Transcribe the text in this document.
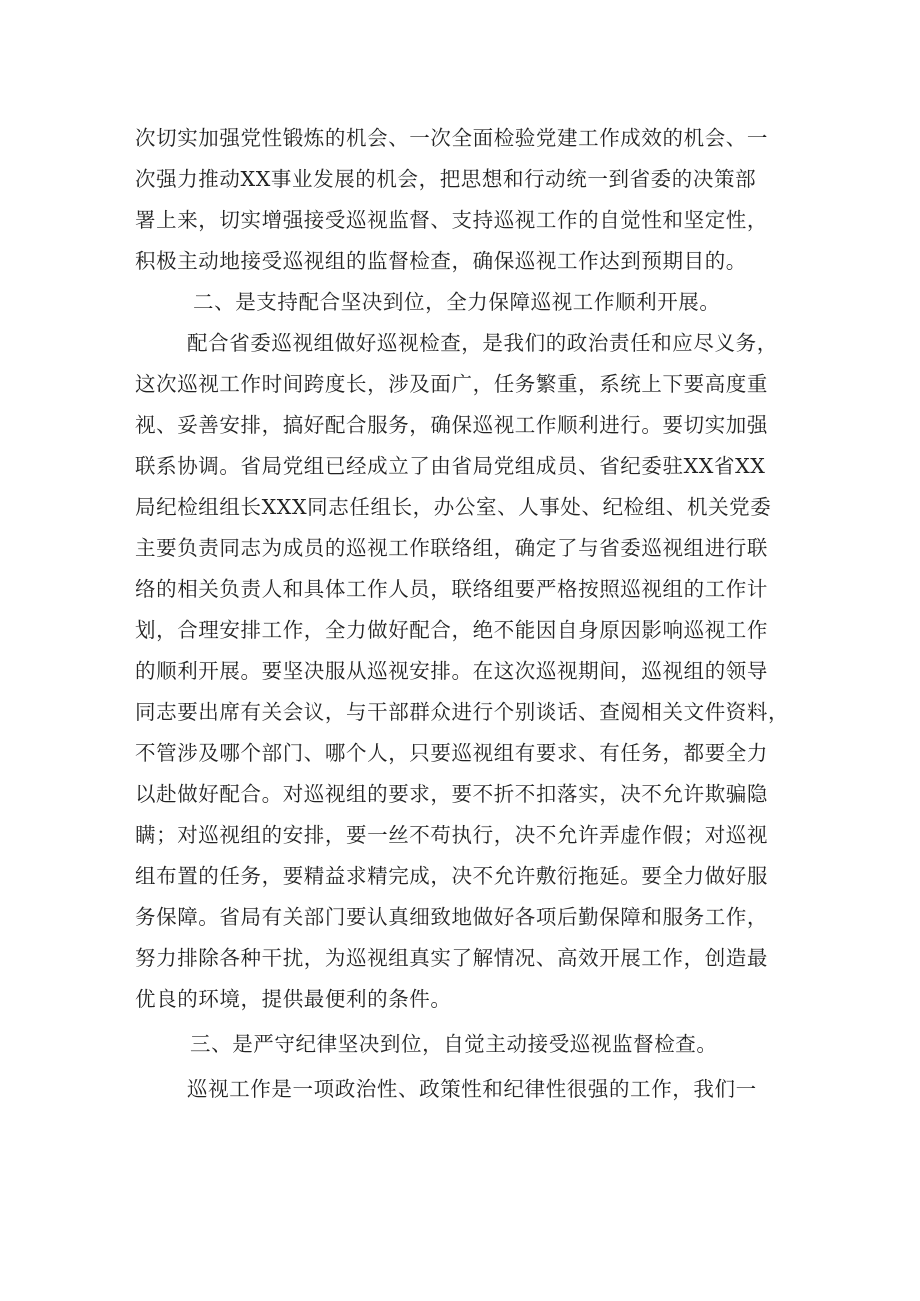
次切实加强党性锻炼的机会、一次全面检验党建工作成效的机会、一
次强力推动XX事业发展的机会，把思想和行动统一到省委的决策部
署上来，切实增强接受巡视监督、支持巡视工作的自觉性和坚定性，
积极主动地接受巡视组的监督检查，确保巡视工作达到预期目的。
二、是支持配合坚决到位，全力保障巡视工作顺利开展。
配合省委巡视组做好巡视检查，是我们的政治责任和应尽义务，
这次巡视工作时间跨度长，涉及面广，任务繁重，系统上下要高度重
视、妥善安排，搞好配合服务，确保巡视工作顺利进行。要切实加强
联系协调。省局党组已经成立了由省局党组成员、省纪委驻XX省XX
局纪检组组长XXX同志任组长，办公室、人事处、纪检组、机关党委
主要负责同志为成员的巡视工作联络组，确定了与省委巡视组进行联
络的相关负责人和具体工作人员，联络组要严格按照巡视组的工作计
划，合理安排工作，全力做好配合，绝不能因自身原因影响巡视工作
的顺利开展。要坚决服从巡视安排。在这次巡视期间，巡视组的领导
同志要出席有关会议，与干部群众进行个别谈话、查阅相关文件资料，
不管涉及哪个部门、哪个人，只要巡视组有要求、有任务，都要全力
以赴做好配合。对巡视组的要求，要不折不扣落实，决不允许欺骗隐
瞒；对巡视组的安排，要一丝不苟执行，决不允许弄虚作假；对巡视
组布置的任务，要精益求精完成，决不允许敷衍拖延。要全力做好服
务保障。省局有关部门要认真细致地做好各项后勤保障和服务工作，
努力排除各种干扰，为巡视组真实了解情况、高效开展工作，创造最
优良的环境，提供最便利的条件。
三、是严守纪律坚决到位，自觉主动接受巡视监督检查。
巡视工作是一项政治性、政策性和纪律性很强的工作，我们一
